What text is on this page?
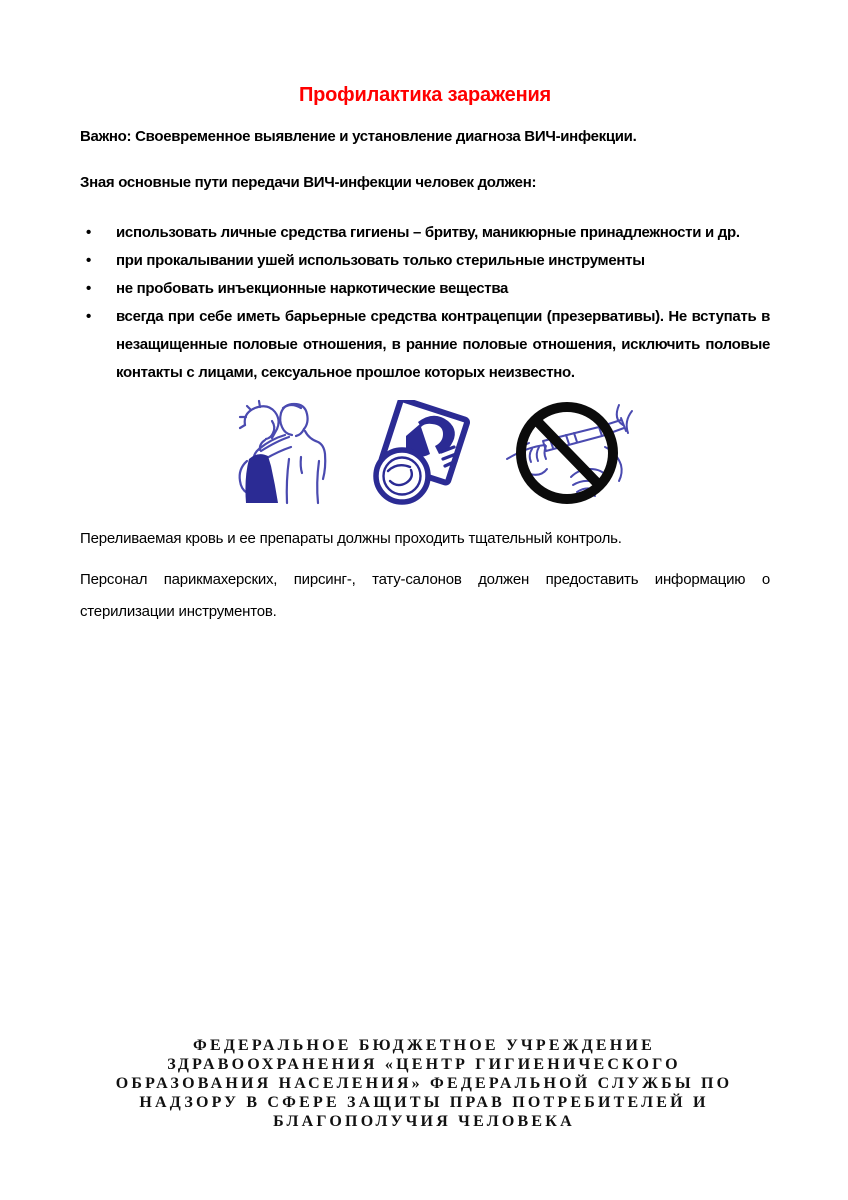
Профилактика заражения

Важно: Своевременное выявление и установление диагноза ВИЧ-инфекции.

Зная основные пути передачи ВИЧ-инфекции человек должен:

• использовать личные средства гигиены – бритву, маникюрные принадлежности и др.
• при прокалывании ушей использовать только стерильные инструменты
• не пробовать инъекционные наркотические вещества
• всегда при себе иметь барьерные средства контрацепции (презервативы). Не вступать в незащищенные половые отношения, в ранние половые отношения, исключить половые контакты с лицами, сексуальное прошлое которых неизвестно.

Переливаемая кровь и ее препараты должны проходить тщательный контроль.

Персонал парикмахерских, пирсинг-, тату-салонов должен предоставить информацию о стерилизации инструментов.

ФЕДЕРАЛЬНОЕ БЮДЖЕТНОЕ УЧРЕЖДЕНИЕ
ЗДРАВООХРАНЕНИЯ «ЦЕНТР ГИГИЕНИЧЕСКОГО
ОБРАЗОВАНИЯ НАСЕЛЕНИЯ» ФЕДЕРАЛЬНОЙ СЛУЖБЫ ПО
НАДЗОРУ В СФЕРЕ ЗАЩИТЫ ПРАВ ПОТРЕБИТЕЛЕЙ И
БЛАГОПОЛУЧИЯ ЧЕЛОВЕКА
